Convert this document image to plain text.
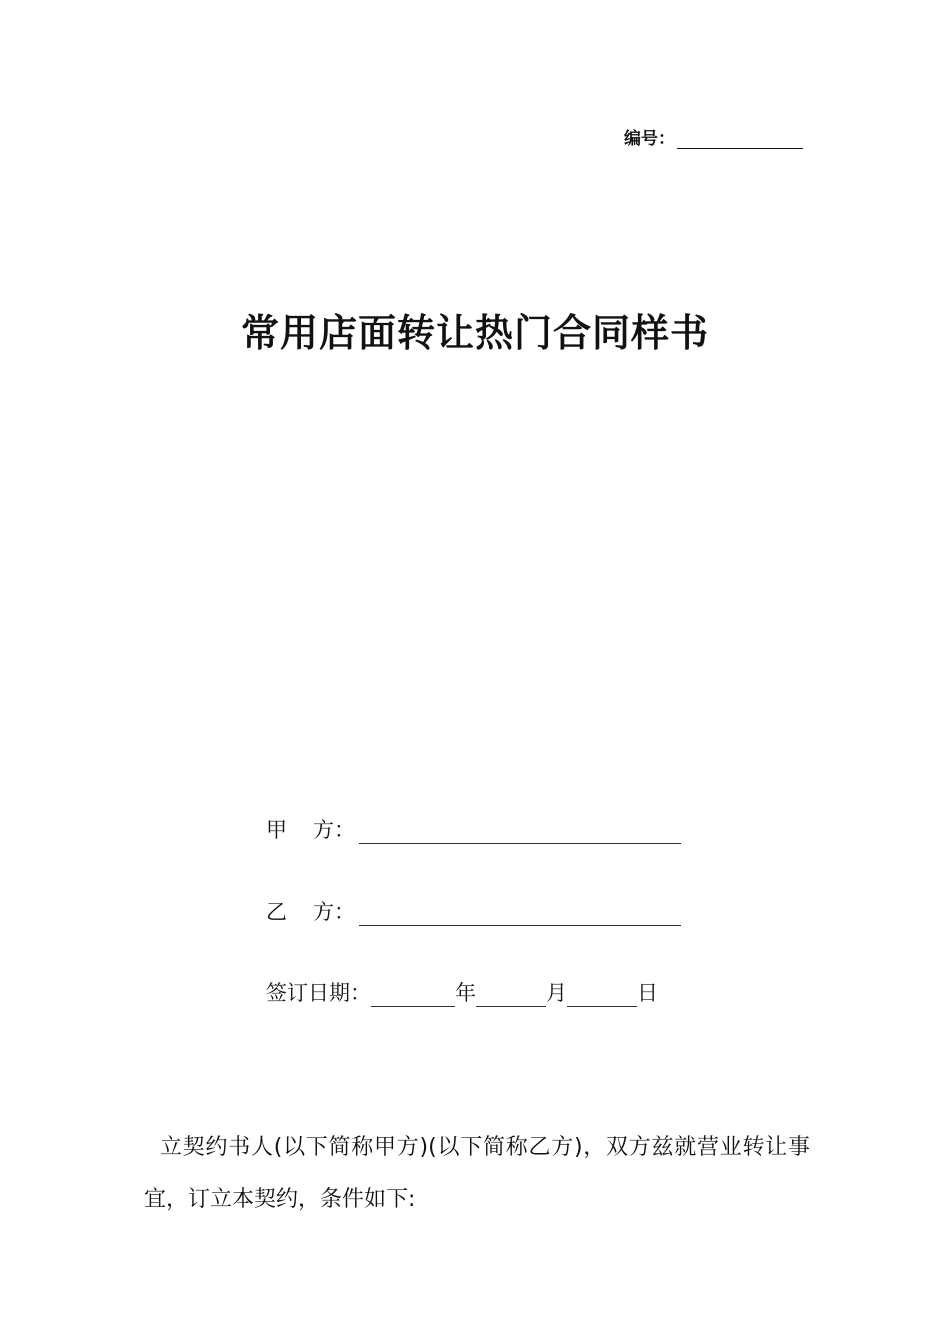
编号：
常用店面转让热门合同样书
甲 方：
乙 方：
签订日期：	年	月	日
立契约书人(以下简称甲方)(以下简称乙方)，双方兹就营业转让事宜，订立本契约，条件如下:
